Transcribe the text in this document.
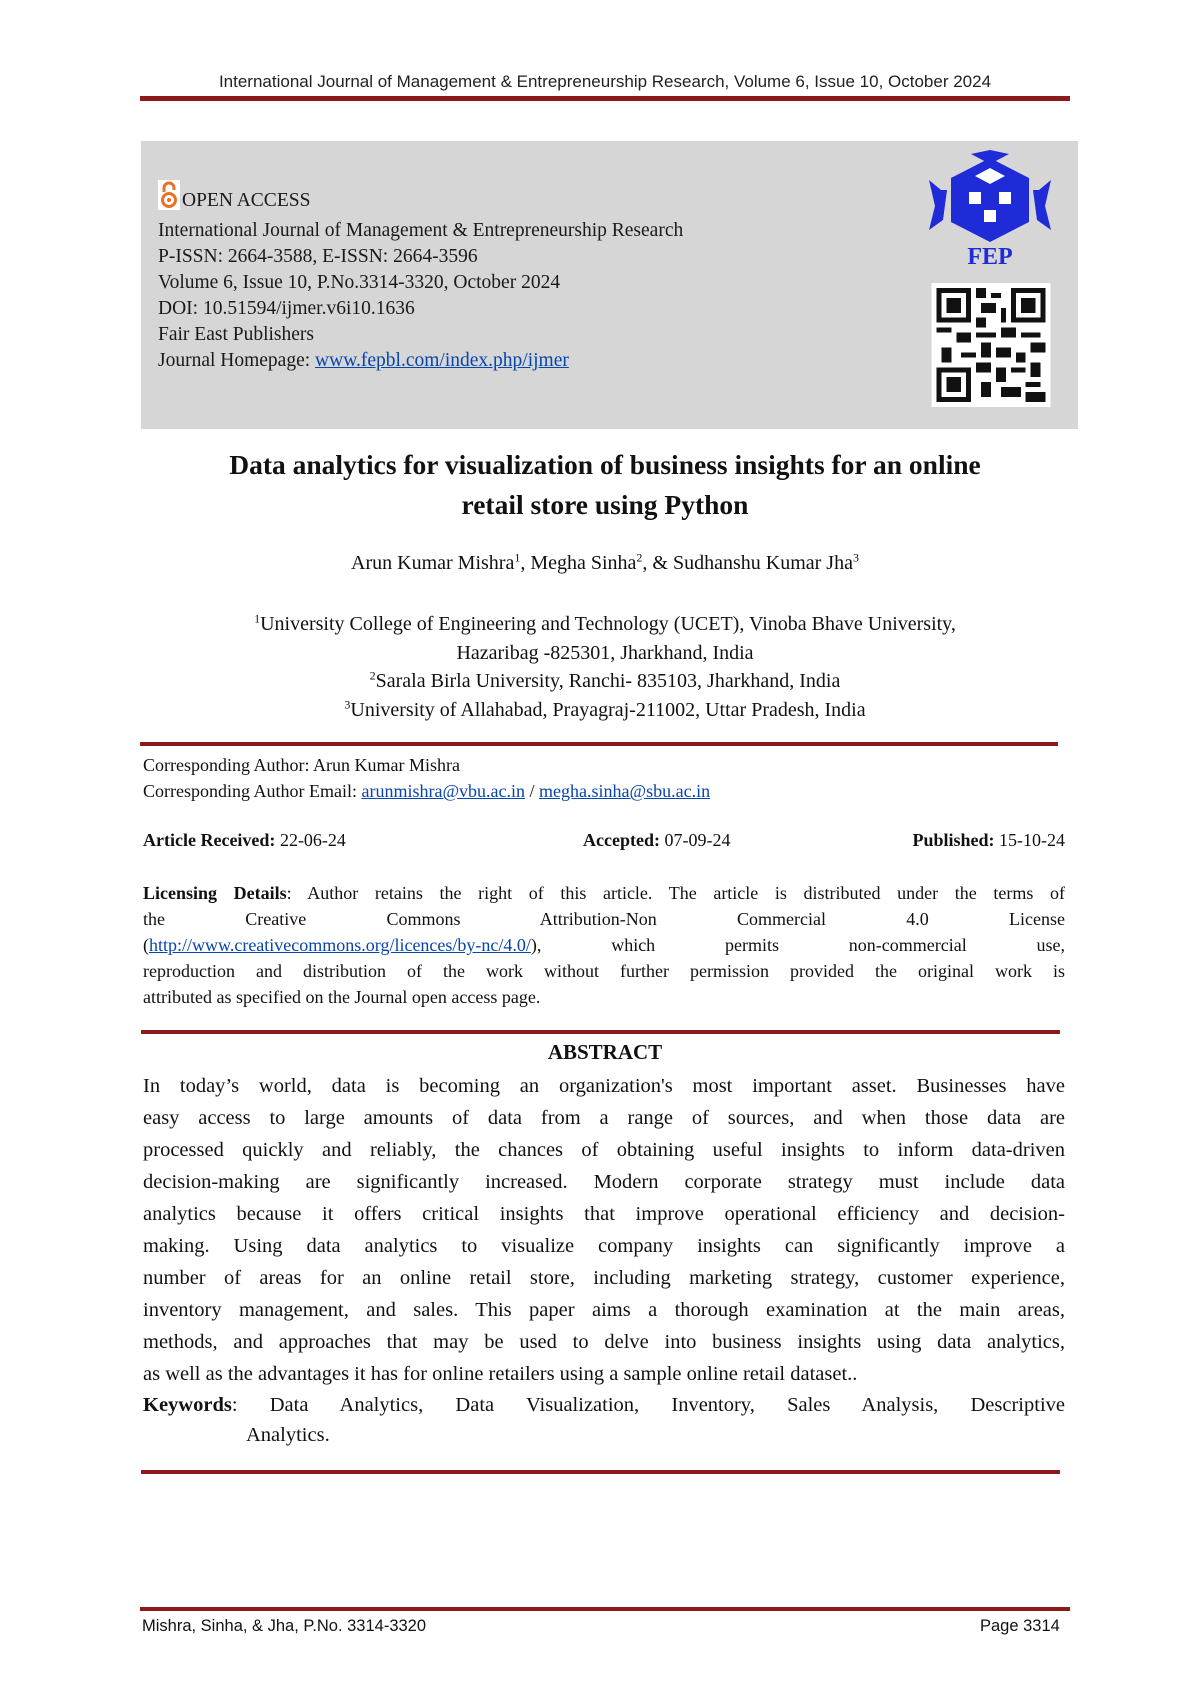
International Journal of Management & Entrepreneurship Research, Volume 6, Issue 10, October 2024
OPEN ACCESS
International Journal of Management & Entrepreneurship Research
P-ISSN: 2664-3588, E-ISSN: 2664-3596
Volume 6, Issue 10, P.No.3314-3320, October 2024
DOI: 10.51594/ijmer.v6i10.1636
Fair East Publishers
Journal Homepage: www.fepbl.com/index.php/ijmer
FEP
Data analytics for visualization of business insights for an online
retail store using Python
Arun Kumar Mishra$^1$, Megha Sinha$^2$, & Sudhanshu Kumar Jha$^3$
$^1$University College of Engineering and Technology (UCET), Vinoba Bhave University,
Hazaribag -825301, Jharkhand, India
$^2$Sarala Birla University, Ranchi- 835103, Jharkhand, India
$^3$University of Allahabad, Prayagraj-211002, Uttar Pradesh, India
Corresponding Author: Arun Kumar Mishra
Corresponding Author Email: arunmishra@vbu.ac.in / megha.sinha@sbu.ac.in
Article Received: 22-06-24	Accepted: 07-09-24	Published: 15-10-24
Licensing Details: Author retains the right of this article. The article is distributed under the terms of
the Creative Commons Attribution-Non Commercial 4.0 License
(http://www.creativecommons.org/licences/by-nc/4.0/), which permits non-commercial use,
reproduction and distribution of the work without further permission provided the original work is
attributed as specified on the Journal open access page.
ABSTRACT
In today’s world, data is becoming an organization's most important asset. Businesses have
easy access to large amounts of data from a range of sources, and when those data are
processed quickly and reliably, the chances of obtaining useful insights to inform data-driven
decision-making are significantly increased. Modern corporate strategy must include data
analytics because it offers critical insights that improve operational efficiency and decision-
making. Using data analytics to visualize company insights can significantly improve a
number of areas for an online retail store, including marketing strategy, customer experience,
inventory management, and sales. This paper aims a thorough examination at the main areas,
methods, and approaches that may be used to delve into business insights using data analytics,
as well as the advantages it has for online retailers using a sample online retail dataset..
Keywords: Data Analytics, Data Visualization, Inventory, Sales Analysis, Descriptive
Analytics.
Mishra, Sinha, & Jha, P.No. 3314-3320	Page 3314
